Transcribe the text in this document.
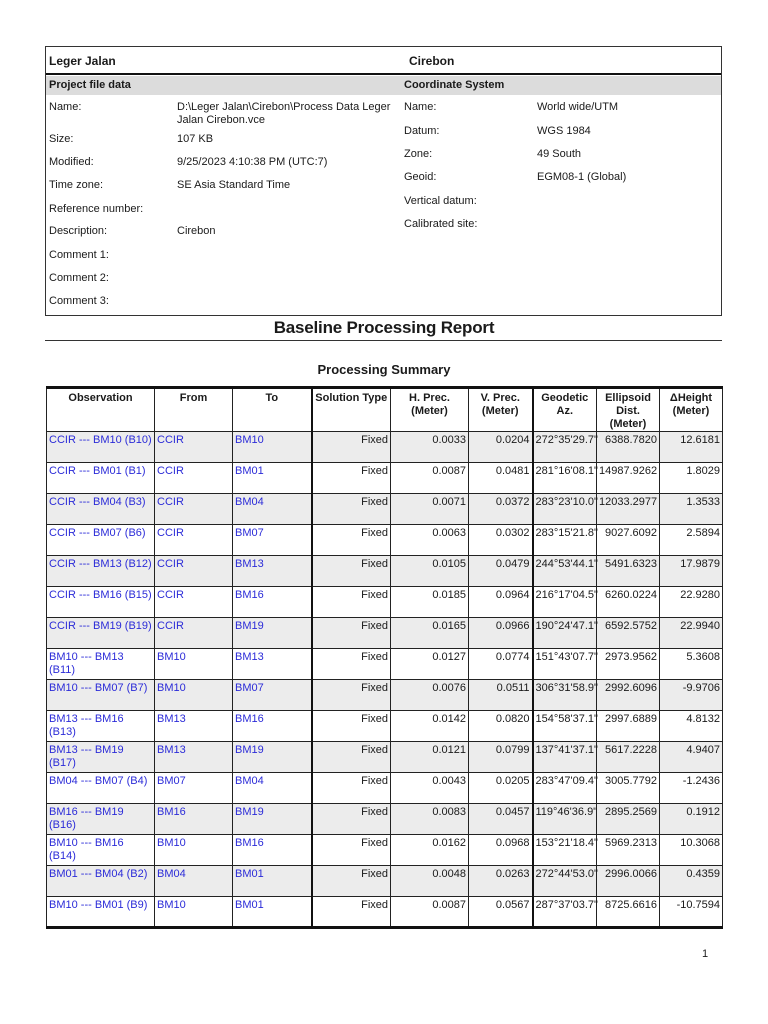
Leger Jalan	Cirebon
Project file data	Coordinate System
Name:	D:\Leger Jalan\Cirebon\Process Data Leger Jalan Cirebon.vce
Size:	107 KB
Modified:	9/25/2023 4:10:38 PM (UTC:7)
Time zone:	SE Asia Standard Time
Reference number:
Description:	Cirebon
Comment 1:
Comment 2:
Comment 3:
Name:	World wide/UTM
Datum:	WGS 1984
Zone:	49 South
Geoid:	EGM08-1 (Global)
Vertical datum:
Calibrated site:
Baseline Processing Report
Processing Summary
Observation	From	To	Solution Type	H. Prec. (Meter)	V. Prec. (Meter)	Geodetic Az.	Ellipsoid Dist. (Meter)	ΔHeight (Meter)
CCIR --- BM10 (B10)	CCIR	BM10	Fixed	0.0033	0.0204	272°35'29.7"	6388.7820	12.6181
CCIR --- BM01 (B1)	CCIR	BM01	Fixed	0.0087	0.0481	281°16'08.1"	14987.9262	1.8029
CCIR --- BM04 (B3)	CCIR	BM04	Fixed	0.0071	0.0372	283°23'10.0"	12033.2977	1.3533
CCIR --- BM07 (B6)	CCIR	BM07	Fixed	0.0063	0.0302	283°15'21.8"	9027.6092	2.5894
CCIR --- BM13 (B12)	CCIR	BM13	Fixed	0.0105	0.0479	244°53'44.1"	5491.6323	17.9879
CCIR --- BM16 (B15)	CCIR	BM16	Fixed	0.0185	0.0964	216°17'04.5"	6260.0224	22.9280
CCIR --- BM19 (B19)	CCIR	BM19	Fixed	0.0165	0.0966	190°24'47.1"	6592.5752	22.9940
BM10 --- BM13 (B11)	BM10	BM13	Fixed	0.0127	0.0774	151°43'07.7"	2973.9562	5.3608
BM10 --- BM07 (B7)	BM10	BM07	Fixed	0.0076	0.0511	306°31'58.9"	2992.6096	-9.9706
BM13 --- BM16 (B13)	BM13	BM16	Fixed	0.0142	0.0820	154°58'37.1"	2997.6889	4.8132
BM13 --- BM19 (B17)	BM13	BM19	Fixed	0.0121	0.0799	137°41'37.1"	5617.2228	4.9407
BM04 --- BM07 (B4)	BM07	BM04	Fixed	0.0043	0.0205	283°47'09.4"	3005.7792	-1.2436
BM16 --- BM19 (B16)	BM16	BM19	Fixed	0.0083	0.0457	119°46'36.9"	2895.2569	0.1912
BM10 --- BM16 (B14)	BM10	BM16	Fixed	0.0162	0.0968	153°21'18.4"	5969.2313	10.3068
BM01 --- BM04 (B2)	BM04	BM01	Fixed	0.0048	0.0263	272°44'53.0"	2996.0066	0.4359
BM10 --- BM01 (B9)	BM10	BM01	Fixed	0.0087	0.0567	287°37'03.7"	8725.6616	-10.7594
1
